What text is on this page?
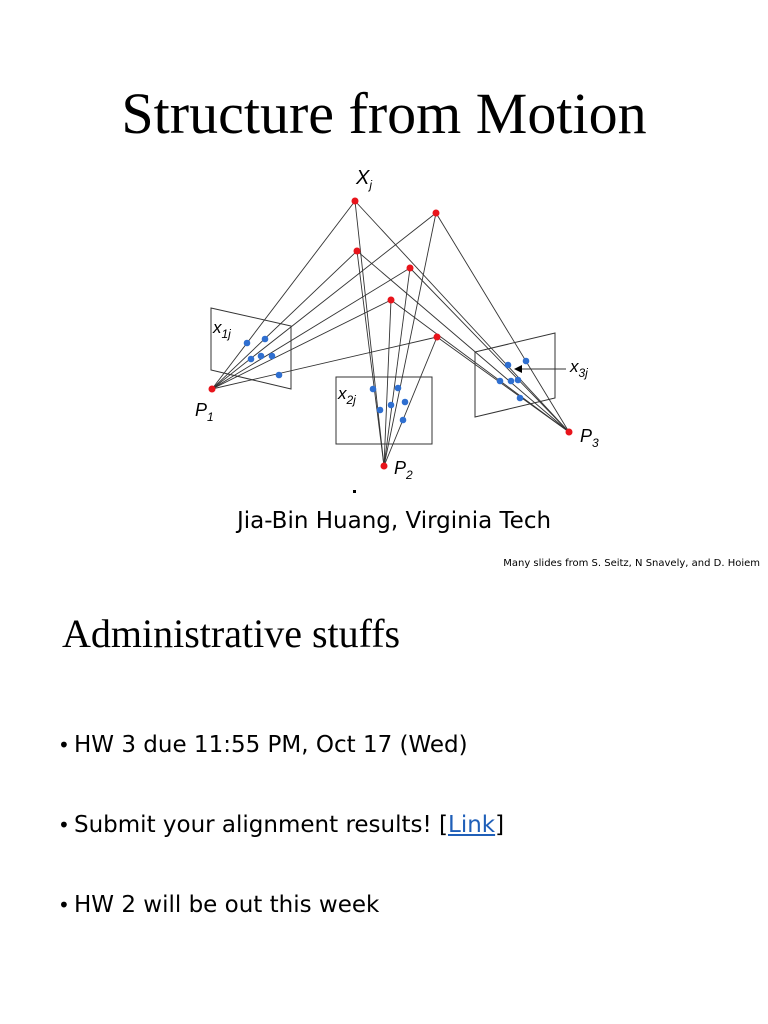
Structure from Motion
$X_j$
$x_{1j}$
$x_{2j}$
$x_{3j}$
$P_1$
$P_2$
$P_3$
Jia-Bin Huang, Virginia Tech
Many slides from S. Seitz, N Snavely, and D. Hoiem
Administrative stuffs
• HW 3 due 11:55 PM, Oct 17 (Wed)
• Submit your alignment results! [Link]
• HW 2 will be out this week
